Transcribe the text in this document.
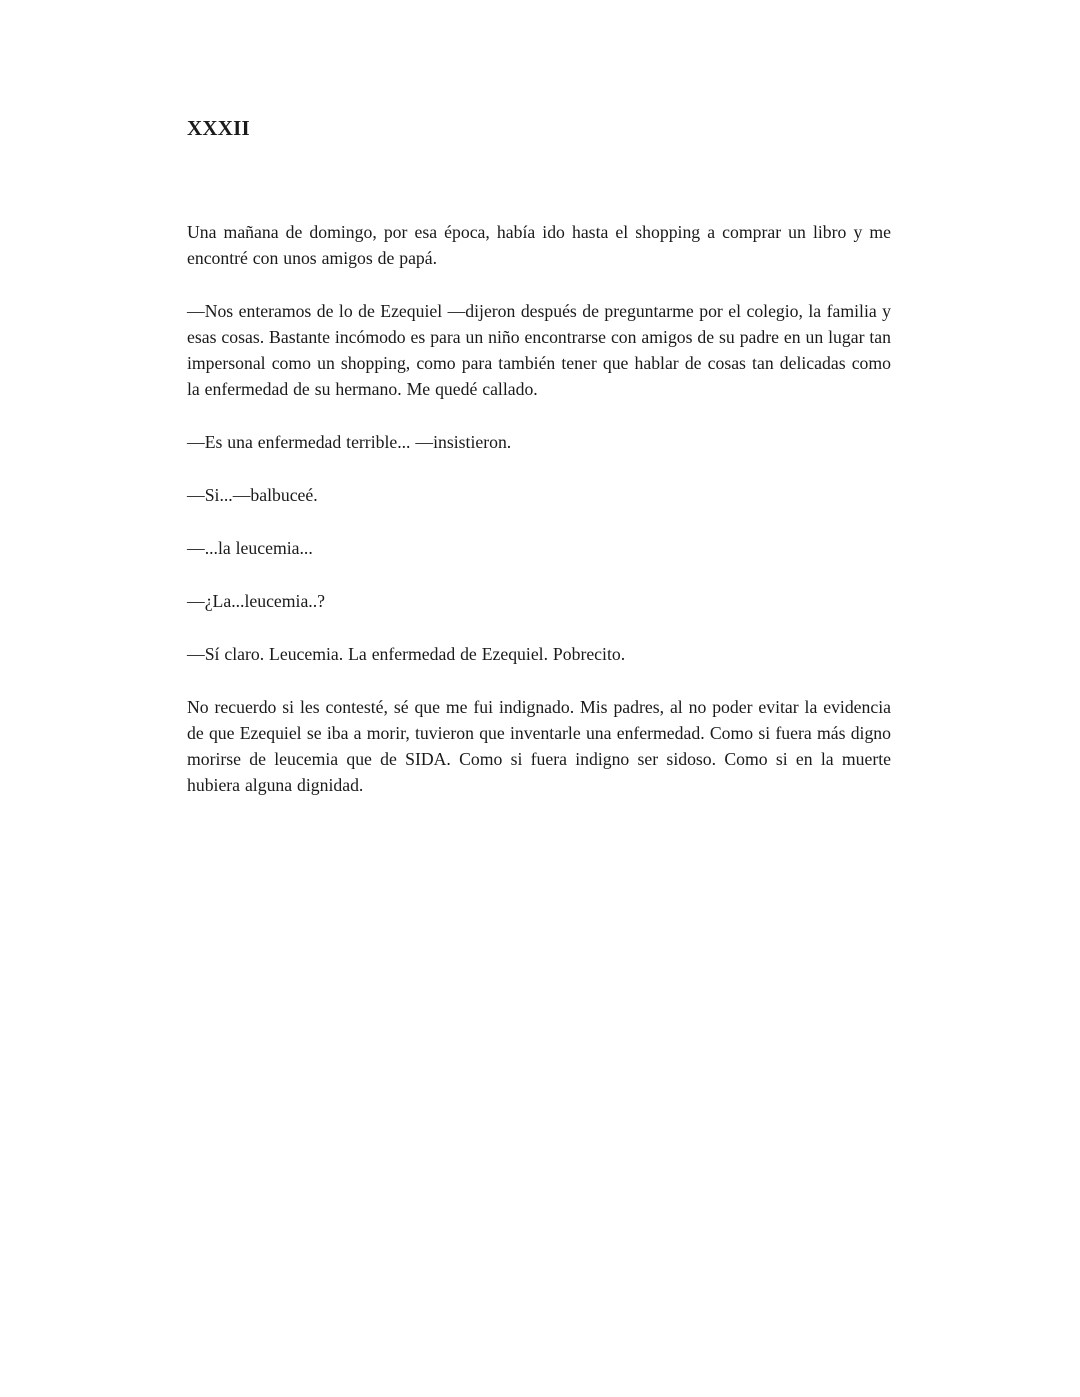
XXXII

Una mañana de domingo, por esa época, había ido hasta el shopping a comprar un libro y me encontré con unos amigos de papá.

—Nos enteramos de lo de Ezequiel —dijeron después de preguntarme por el colegio, la familia y esas cosas. Bastante incómodo es para un niño encontrarse con amigos de su padre en un lugar tan impersonal como un shopping, como para también tener que hablar de cosas tan delicadas como la enfermedad de su hermano. Me quedé callado.

—Es una enfermedad terrible... —insistieron.

—Si...—balbuceé.

—...la leucemia...

—¿La...leucemia..?

—Sí claro. Leucemia. La enfermedad de Ezequiel. Pobrecito.

No recuerdo si les contesté, sé que me fui indignado. Mis padres, al no poder evitar la evidencia de que Ezequiel se iba a morir, tuvieron que inventarle una enfermedad. Como si fuera más digno morirse de leucemia que de SIDA. Como si fuera indigno ser sidoso. Como si en la muerte hubiera alguna dignidad.
